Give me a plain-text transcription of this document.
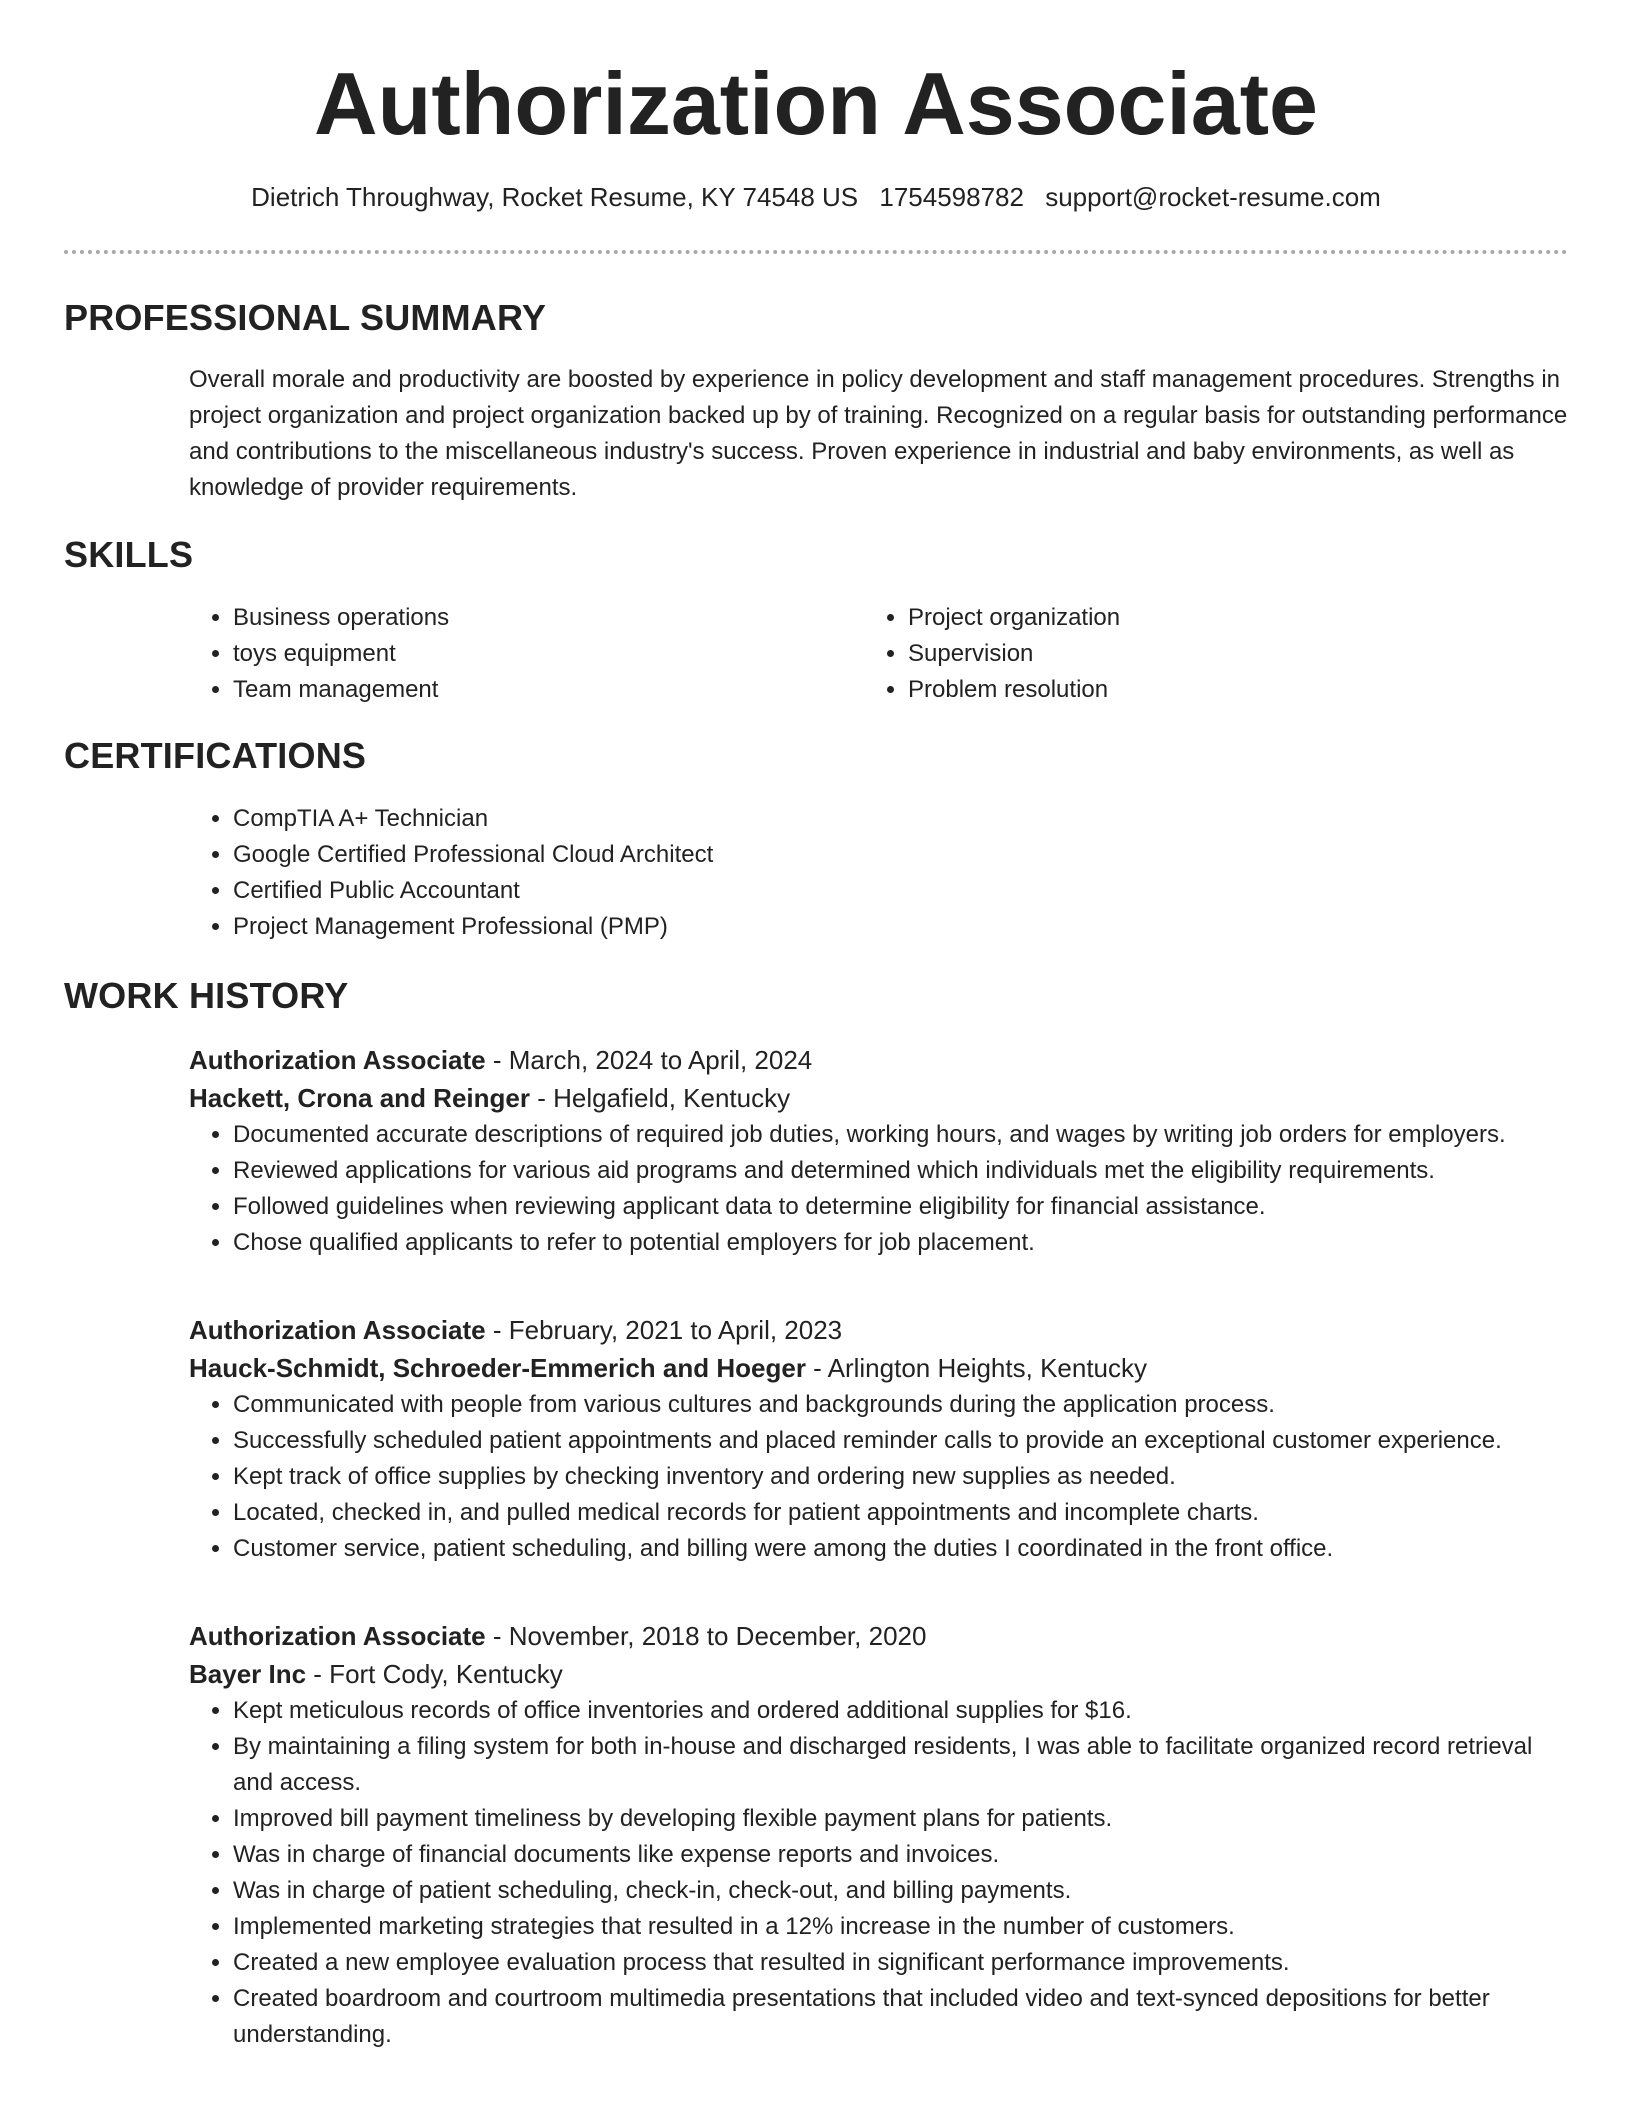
Authorization Associate
Dietrich Throughway, Rocket Resume, KY 74548 US 1754598782 support@rocket-resume.com
PROFESSIONAL SUMMARY

Overall morale and productivity are boosted by experience in policy development and staff management procedures. Strengths in project organization and project organization backed up by of training. Recognized on a regular basis for outstanding performance and contributions to the miscellaneous industry's success. Proven experience in industrial and baby environments, as well as knowledge of provider requirements.

SKILLS
• Business operations
• toys equipment
• Team management
• Project organization
• Supervision
• Problem resolution
CERTIFICATIONS
• CompTIA A+ Technician
• Google Certified Professional Cloud Architect
• Certified Public Accountant
• Project Management Professional (PMP)
WORK HISTORY
Authorization Associate - March, 2024 to April, 2024
Hackett, Crona and Reinger - Helgafield, Kentucky
• Documented accurate descriptions of required job duties, working hours, and wages by writing job orders for employers.
• Reviewed applications for various aid programs and determined which individuals met the eligibility requirements.
• Followed guidelines when reviewing applicant data to determine eligibility for financial assistance.
• Chose qualified applicants to refer to potential employers for job placement.
Authorization Associate - February, 2021 to April, 2023
Hauck-Schmidt, Schroeder-Emmerich and Hoeger - Arlington Heights, Kentucky
• Communicated with people from various cultures and backgrounds during the application process.
• Successfully scheduled patient appointments and placed reminder calls to provide an exceptional customer experience.
• Kept track of office supplies by checking inventory and ordering new supplies as needed.
• Located, checked in, and pulled medical records for patient appointments and incomplete charts.
• Customer service, patient scheduling, and billing were among the duties I coordinated in the front office.
Authorization Associate - November, 2018 to December, 2020
Bayer Inc - Fort Cody, Kentucky
• Kept meticulous records of office inventories and ordered additional supplies for $16.
• By maintaining a filing system for both in-house and discharged residents, I was able to facilitate organized record retrieval and access.
• Improved bill payment timeliness by developing flexible payment plans for patients.
• Was in charge of financial documents like expense reports and invoices.
• Was in charge of patient scheduling, check-in, check-out, and billing payments.
• Implemented marketing strategies that resulted in a 12% increase in the number of customers.
• Created a new employee evaluation process that resulted in significant performance improvements.
• Created boardroom and courtroom multimedia presentations that included video and text-synced depositions for better understanding.
